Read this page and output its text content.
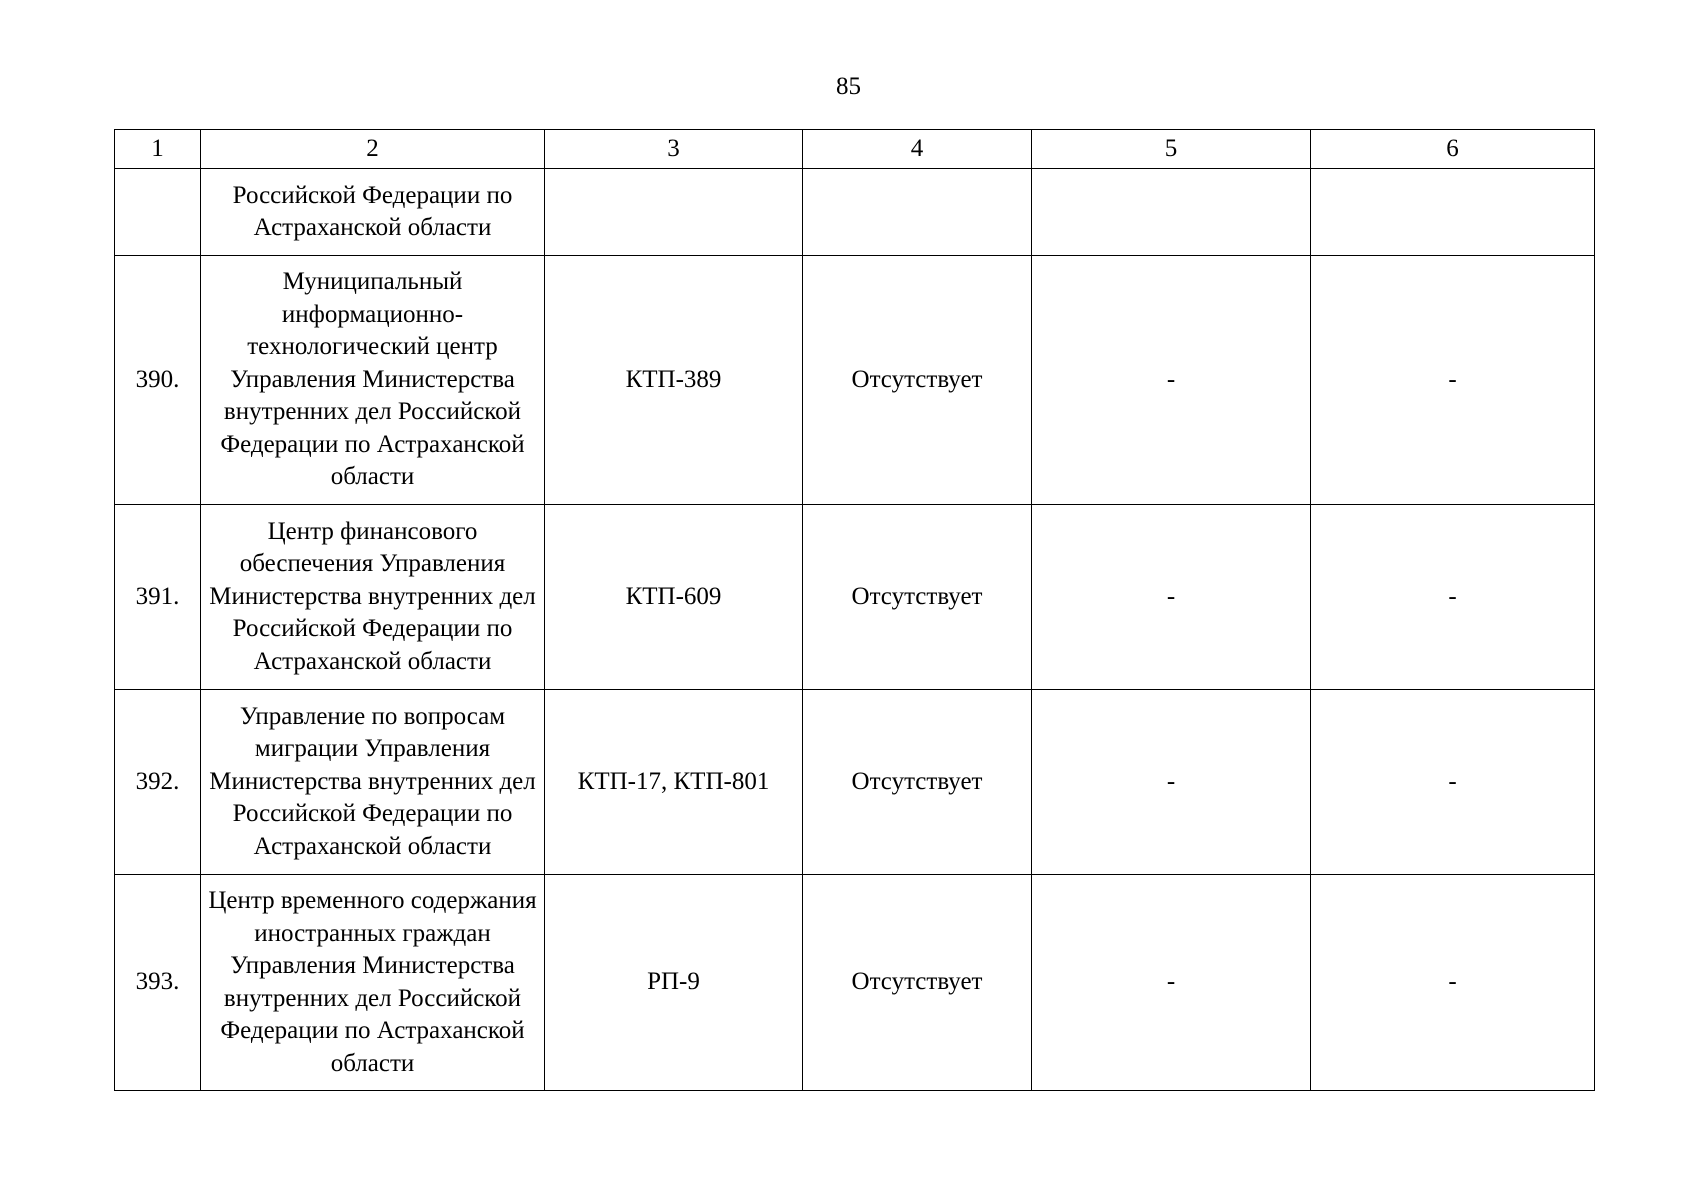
85
1	2	3	4	5	6
	Российской Федерации по Астраханской области				
390.	Муниципальный информационно-технологический центр Управления Министерства внутренних дел Российской Федерации по Астраханской области	КТП-389	Отсутствует	-	-
391.	Центр финансового обеспечения Управления Министерства внутренних дел Российской Федерации по Астраханской области	КТП-609	Отсутствует	-	-
392.	Управление по вопросам миграции Управления Министерства внутренних дел Российской Федерации по Астраханской области	КТП-17, КТП-801	Отсутствует	-	-
393.	Центр временного содержания иностранных граждан Управления Министерства внутренних дел Российской Федерации по Астраханской области	РП-9	Отсутствует	-	-
